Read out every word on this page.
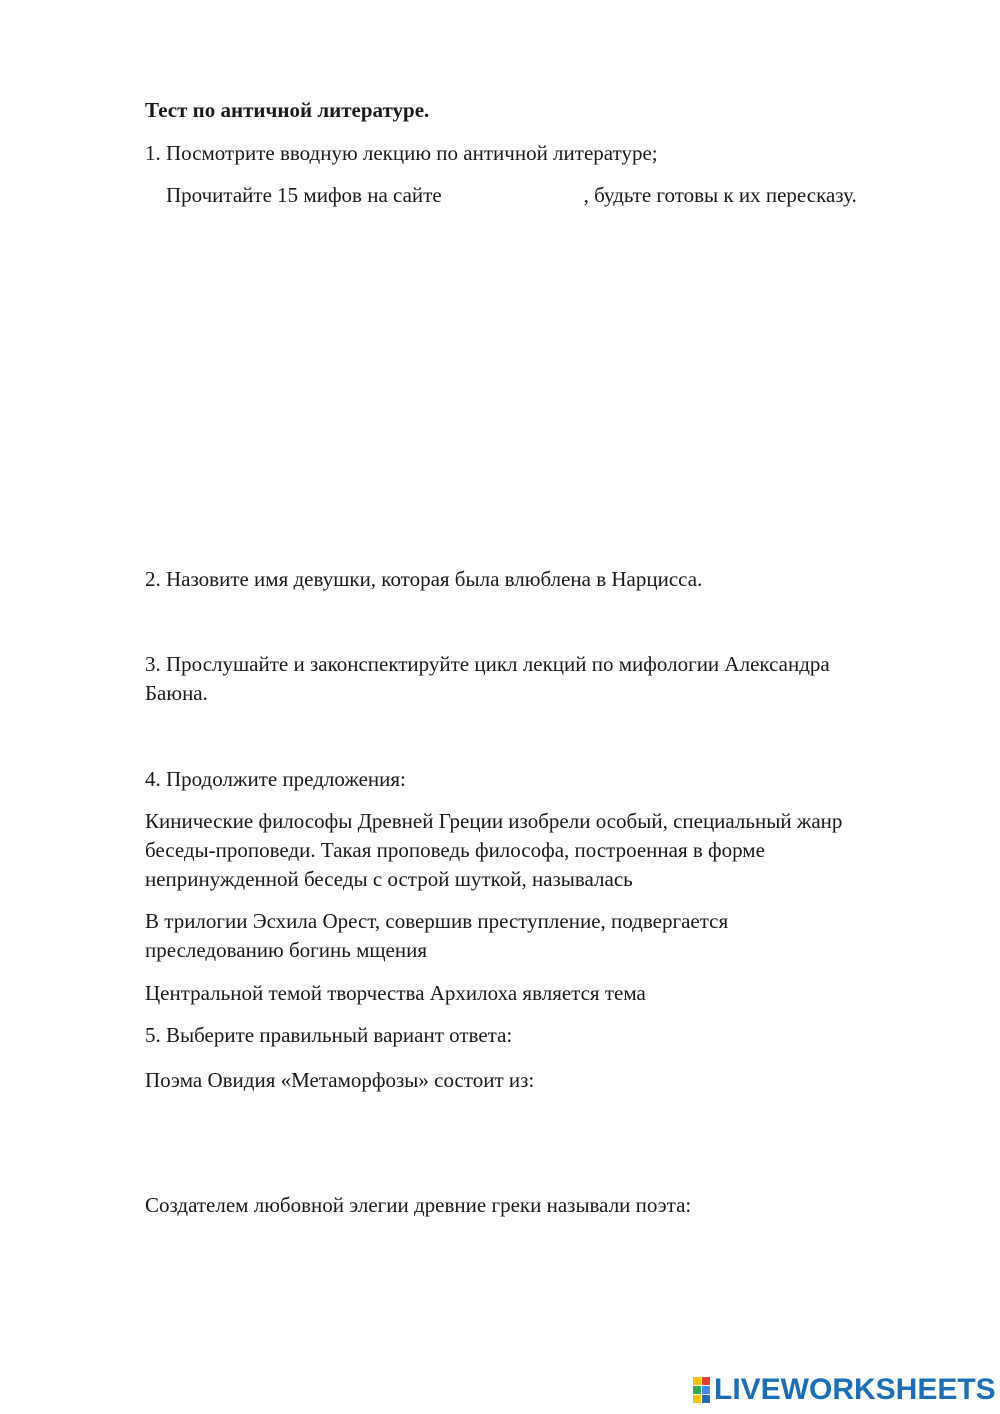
Тест по античной литературе.
1. Посмотрите вводную лекцию по античной литературе;
Прочитайте 15 мифов на сайте	, будьте готовы к их пересказу.
2. Назовите имя девушки, которая была влюблена в Нарцисса.
3. Прослушайте и законспектируйте цикл лекций по мифологии Александра
Баюна.
4. Продолжите предложения:
Кинические философы Древней Греции изобрели особый, специальный жанр
беседы-проповеди. Такая проповедь философа, построенная в форме
непринужденной беседы с острой шуткой, называлась
В трилогии Эсхила Орест, совершив преступление, подвергается
преследованию богинь мщения
Центральной темой творчества Архилоха является тема
5. Выберите правильный вариант ответа:
Поэма Овидия «Метаморфозы» состоит из:
Создателем любовной элегии древние греки называли поэта:
LIVEWORKSHEETS
